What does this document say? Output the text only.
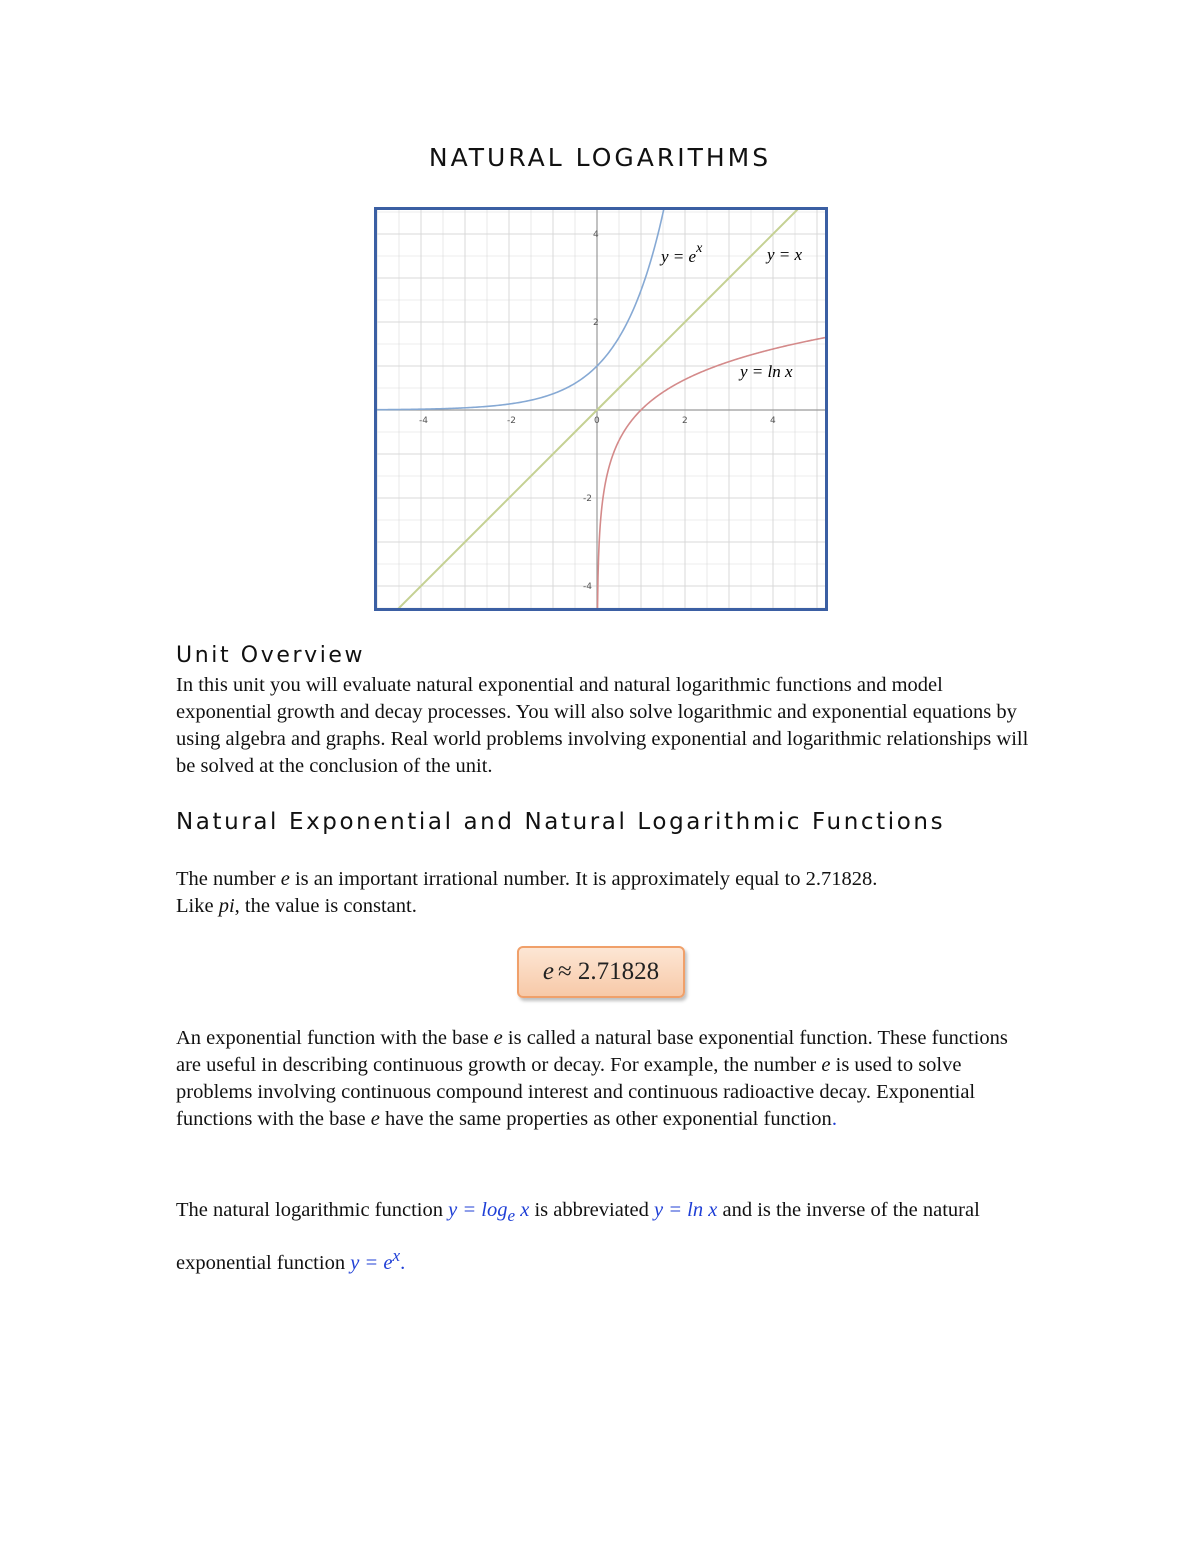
NATURAL LOGARITHMS
-4	-2	0	2	4
4
2
-2
-4
$y = e^x$	y = x
y = ln x
Unit Overview

In this unit you will evaluate natural exponential and natural logarithmic functions and model exponential growth and decay processes. You will also solve logarithmic and exponential equations by using algebra and graphs. Real world problems involving exponential and logarithmic relationships will be solved at the conclusion of the unit.

Natural Exponential and Natural Logarithmic Functions

The number e is an important irrational number. It is approximately equal to 2.71828.

Like pi, the value is constant.

e ≈ 2.71828

An exponential function with the base e is called a natural base exponential function. These functions are useful in describing continuous growth or decay. For example, the number e is used to solve problems involving continuous compound interest and continuous radioactive decay. Exponential functions with the base e have the same properties as other exponential function.

The natural logarithmic function $y = \log_e x$ is abbreviated y = ln x and is the inverse of the natural exponential function $y = e^x$.
